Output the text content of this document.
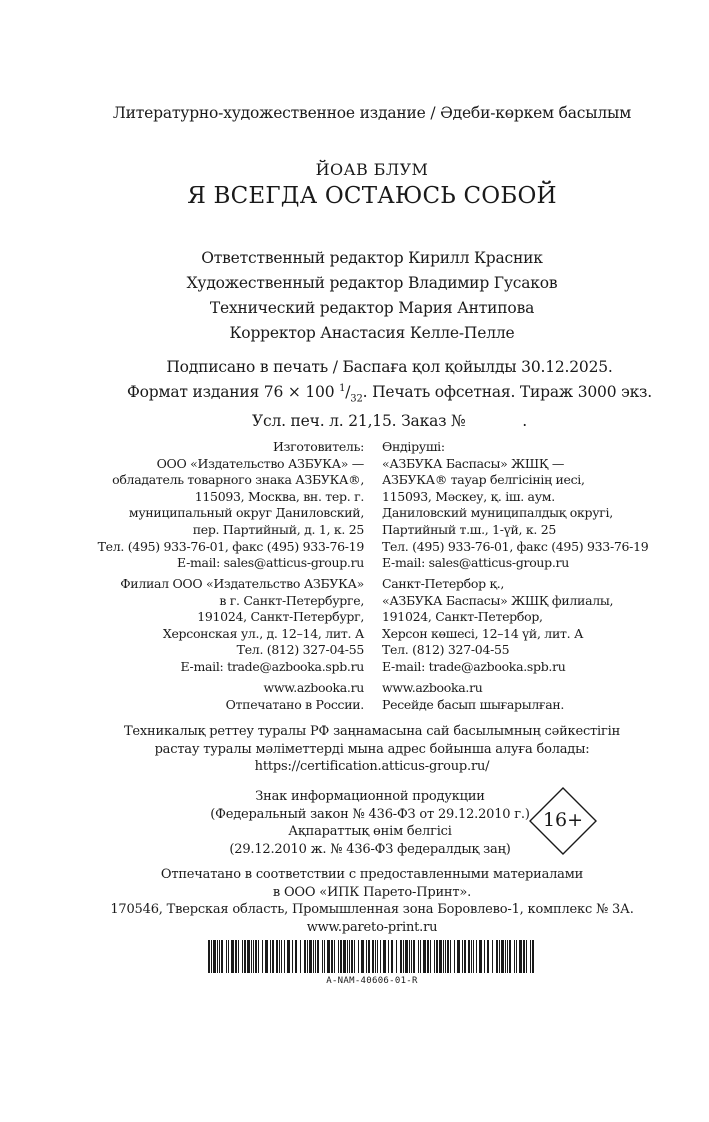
Литературно-художественное издание / Әдеби-көркем басылым
ЙОАВ БЛУМ
Я ВСЕГДА ОСТАЮСЬ СОБОЙ
Ответственный редактор Кирилл Красник
Художественный редактор Владимир Гусаков
Технический редактор Мария Антипова
Корректор Анастасия Келле-Пелле
Подписано в печать / Баспаға қол қойылды 30.12.2025.
Формат издания 76 × 100 $^1/_{32}$. Печать офсетная. Тираж 3000 экз.
Усл. печ. л. 21,15. Заказ №            .
Изготовитель:
ООО «Издательство АЗБУКА» —
обладатель товарного знака АЗБУКА®,
115093, Москва, вн. тер. г.
муниципальный округ Даниловский,
пер. Партийный, д. 1, к. 25
Тел. (495) 933-76-01, факс (495) 933-76-19
E-mail: sales@atticus-group.ru
Өндіруші:
«АЗБУКА Баспасы» ЖШҚ —
АЗБУКА® тауар белгісінің иесі,
115093, Мәскеу, қ. іш. аум.
Даниловский муниципалдық округі,
Партийный т.ш., 1-үй, к. 25
Тел. (495) 933-76-01, факс (495) 933-76-19
E-mail: sales@atticus-group.ru
Филиал ООО «Издательство АЗБУКА»
в г. Санкт-Петербурге,
191024, Санкт-Петербург,
Херсонская ул., д. 12–14, лит. А
Тел. (812) 327-04-55
E-mail: trade@azbooka.spb.ru
Санкт-Петербор қ.,
«АЗБУКА Баспасы» ЖШҚ филиалы,
191024, Санкт-Петербор,
Херсон көшесі, 12–14 үй, лит. А
Тел. (812) 327-04-55
E-mail: trade@azbooka.spb.ru
www.azbooka.ru
Отпечатано в России.
www.azbooka.ru
Ресейде басып шығарылған.
Техникалық реттеу туралы РФ заңнамасына сай басылымның сәйкестігін
растау туралы мәліметтерді мына адрес бойынша алуға болады:
https://certification.atticus-group.ru/
Знак информационной продукции
(Федеральный закон № 436-ФЗ от 29.12.2010 г.)
Ақпараттық өнім белгісі
(29.12.2010 ж. № 436-ФЗ федералдық заң)
16+
Отпечатано в соответствии с предоставленными материалами
в ООО «ИПК Парето-Принт».
170546, Тверская область, Промышленная зона Боровлево-1, комплекс № 3А.
www.pareto-print.ru
A-NAM-40606-01-R
